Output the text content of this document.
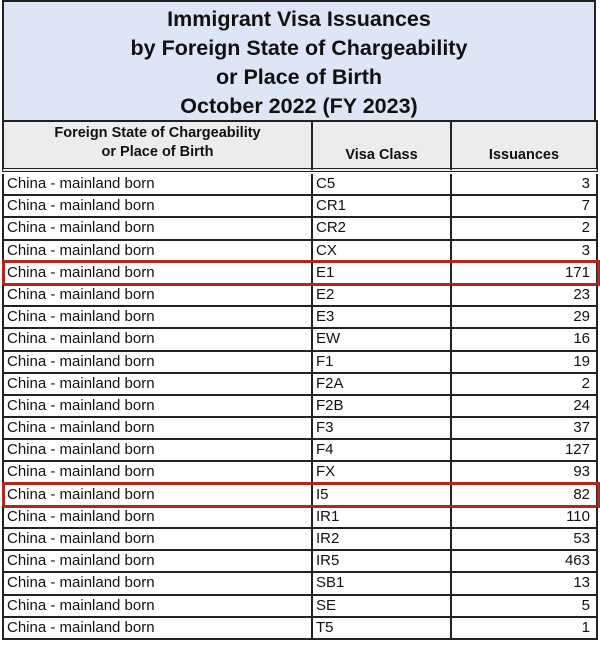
Immigrant Visa Issuances
by Foreign State of Chargeability
or Place of Birth
October 2022 (FY 2023)
Foreign State of Chargeability
or Place of Birth	Visa Class	Issuances
China - mainland born	C5	3
China - mainland born	CR1	7
China - mainland born	CR2	2
China - mainland born	CX	3
China - mainland born	E1	171
China - mainland born	E2	23
China - mainland born	E3	29
China - mainland born	EW	16
China - mainland born	F1	19
China - mainland born	F2A	2
China - mainland born	F2B	24
China - mainland born	F3	37
China - mainland born	F4	127
China - mainland born	FX	93
China - mainland born	I5	82
China - mainland born	IR1	110
China - mainland born	IR2	53
China - mainland born	IR5	463
China - mainland born	SB1	13
China - mainland born	SE	5
China - mainland born	T5	1
